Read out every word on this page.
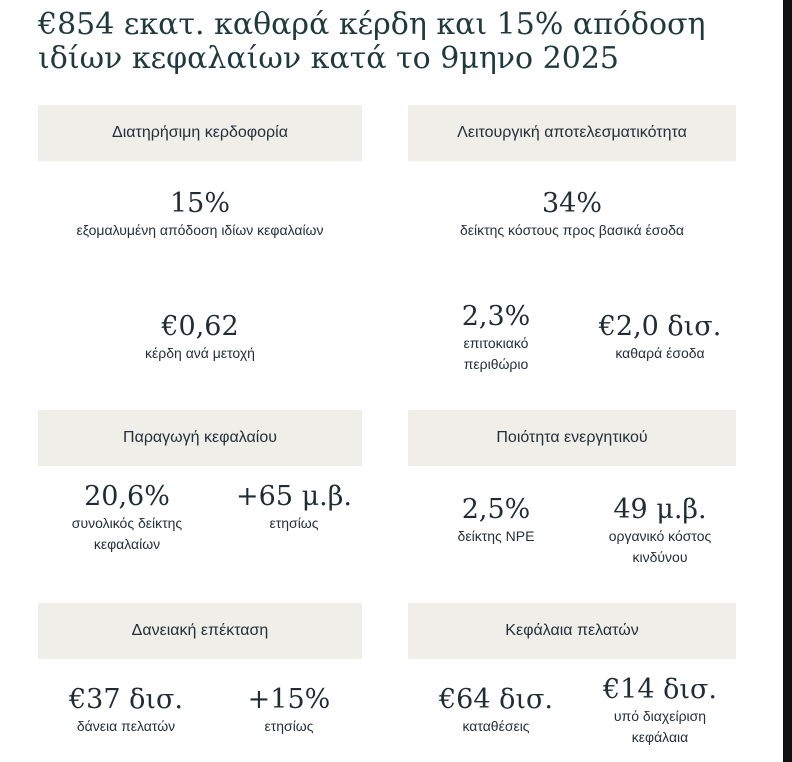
€854 εκατ. καθαρά κέρδη και 15% απόδοση
ιδίων κεφαλαίων κατά το 9μηνο 2025
Διατηρήσιμη κερδοφορία
15%
εξομαλυμένη απόδοση ιδίων κεφαλαίων
€0,62
κέρδη ανά μετοχή
Λειτουργική αποτελεσματικότητα
34%
δείκτης κόστους προς βασικά έσοδα
2,3%
επιτοκιακό
περιθώριο
€2,0 δισ.
καθαρά έσοδα
Παραγωγή κεφαλαίου
20,6%
συνολικός δείκτης
κεφαλαίων
+65 μ.β.
ετησίως
Ποιότητα ενεργητικού
2,5%
δείκτης NPE
49 μ.β.
οργανικό κόστος
κινδύνου
Δανειακή επέκταση
€37 δισ.
δάνεια πελατών
+15%
ετησίως
Κεφάλαια πελατών
€64 δισ.
καταθέσεις
€14 δισ.
υπό διαχείριση
κεφάλαια
